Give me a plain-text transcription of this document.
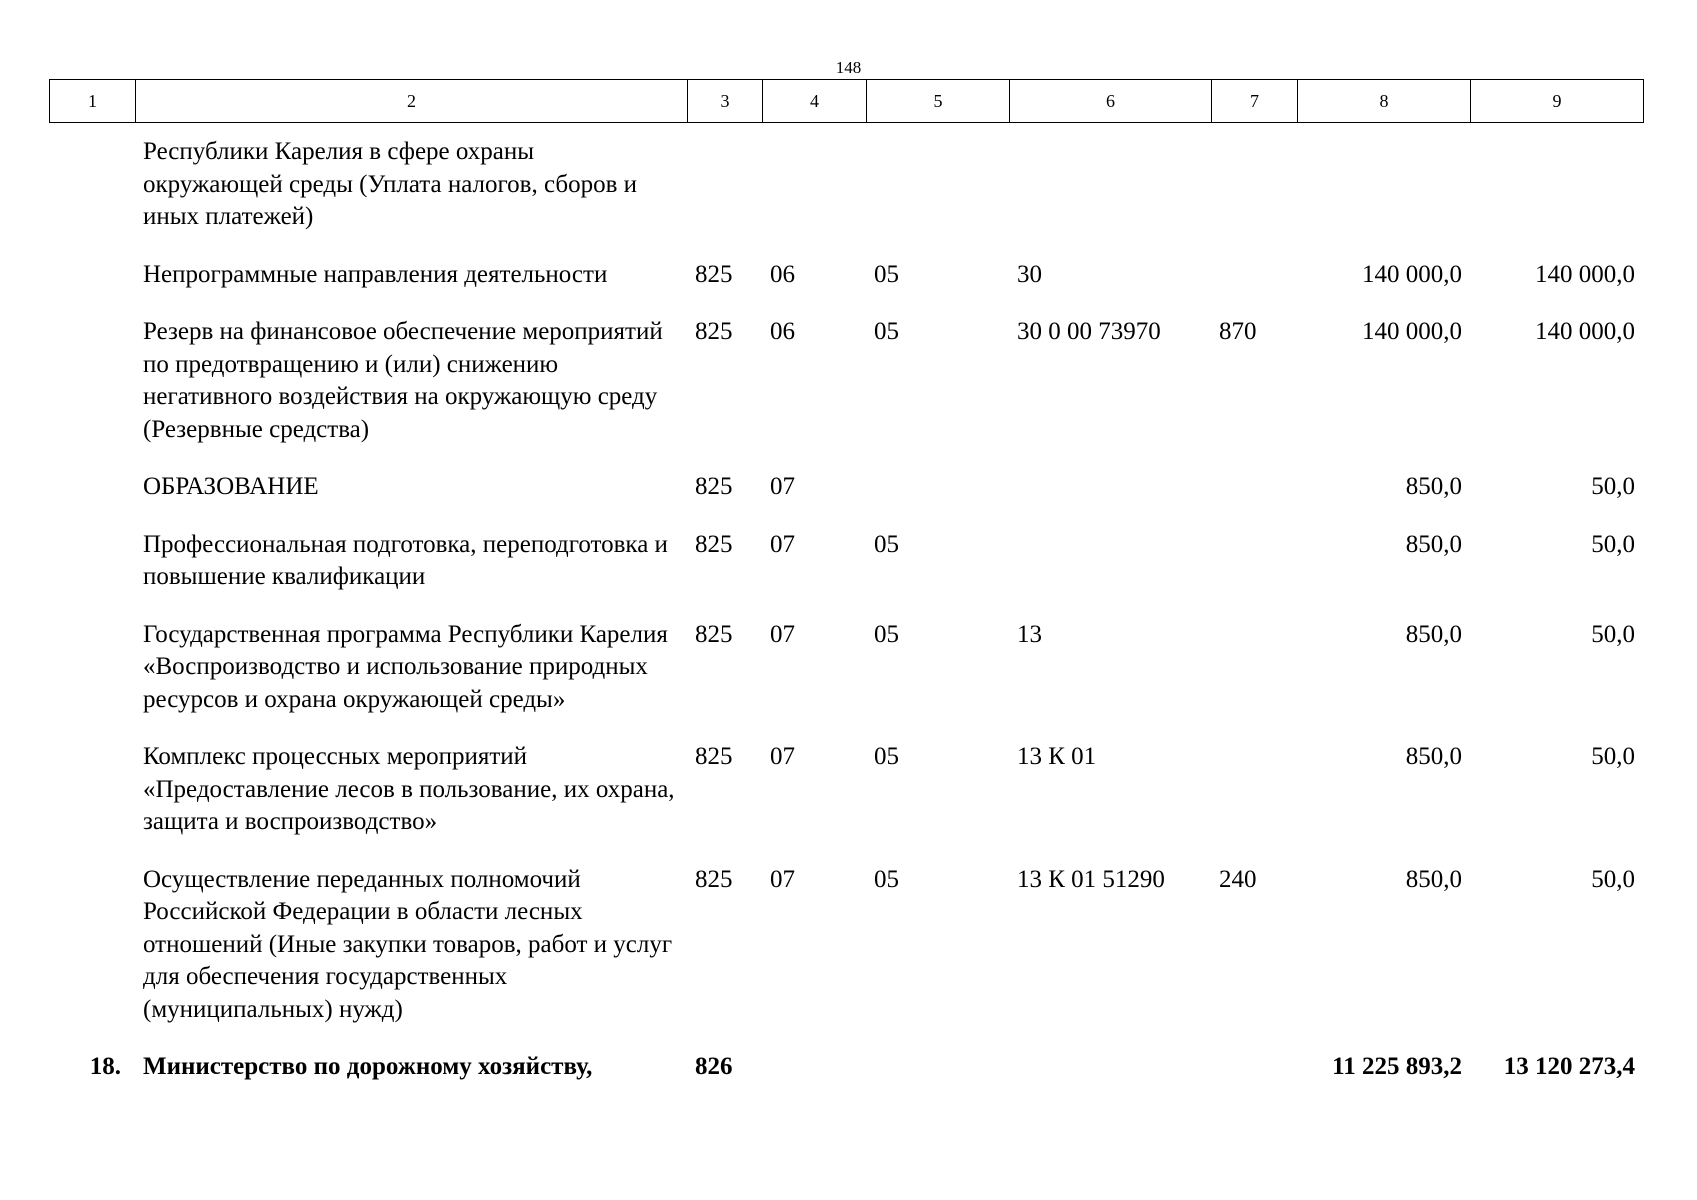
148
1	2	3	4	5	6	7	8	9
	Республики Карелия в сфере охраны окружающей среды (Уплата налогов, сборов и иных платежей)							
	Непрограммные направления деятельности	825	06	05	30		140 000,0	140 000,0
	Резерв на финансовое обеспечение мероприятий по предотвращению и (или) снижению негативного воздействия на окружающую среду (Резервные средства)	825	06	05	30 0 00 73970	870	140 000,0	140 000,0
	ОБРАЗОВАНИЕ	825	07				850,0	50,0
	Профессиональная подготовка, переподготовка и повышение квалификации	825	07	05			850,0	50,0
	Государственная программа Республики Карелия «Воспроизводство и использование природных ресурсов и охрана окружающей среды»	825	07	05	13		850,0	50,0
	Комплекс процессных мероприятий «Предоставление лесов в пользование, их охрана, защита и воспроизводство»	825	07	05	13 К 01		850,0	50,0
	Осуществление переданных полномочий Российской Федерации в области лесных отношений (Иные закупки товаров, работ и услуг для обеспечения государственных (муниципальных) нужд)	825	07	05	13 К 01 51290	240	850,0	50,0
18.	Министерство по дорожному хозяйству,	826					11 225 893,2	13 120 273,4
